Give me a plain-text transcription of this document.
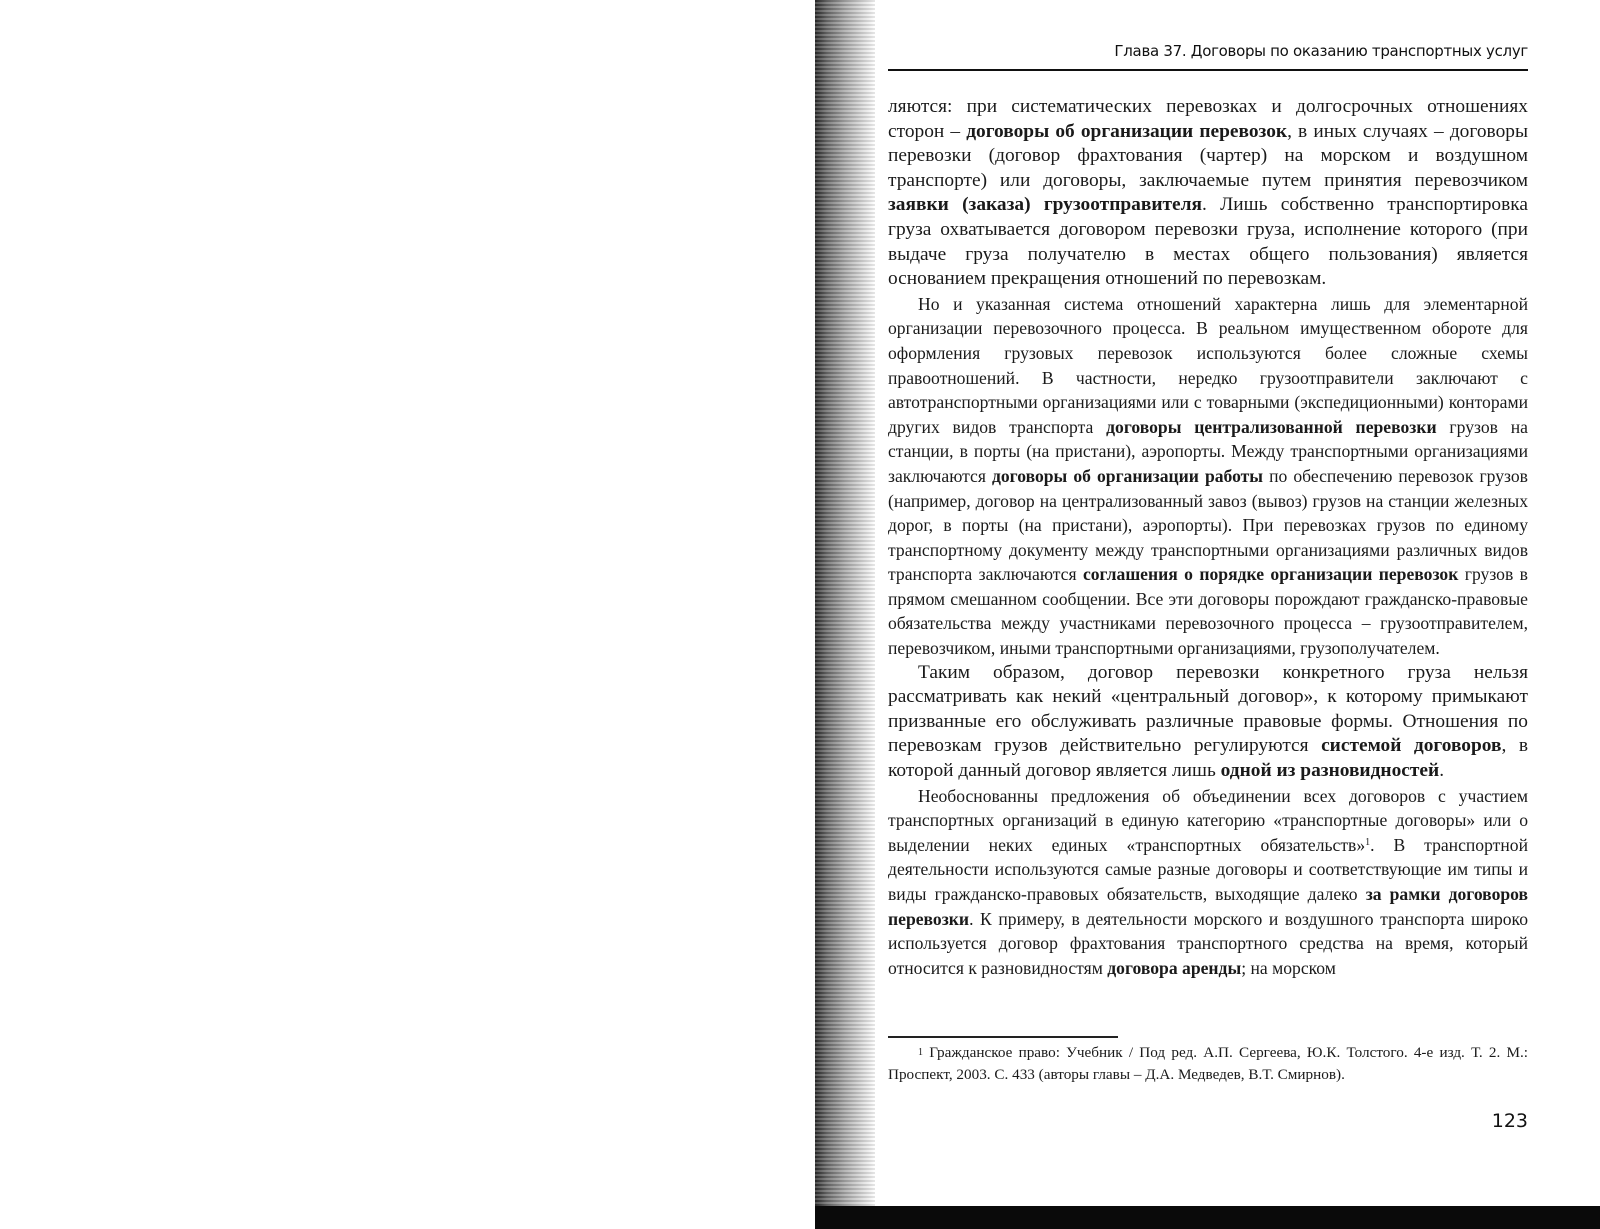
Глава 37. Договоры по оказанию транспортных услуг

ляются: при систематических перевозках и долгосрочных отношениях сторон – договоры об организации перевозок, в иных случаях – договоры перевозки (договор фрахтования (чартер) на морском и воздушном транспорте) или договоры, заключаемые путем принятия перевозчиком заявки (заказа) грузоотправителя. Лишь собственно транспортировка груза охватывается договором перевозки груза, исполнение которого (при выдаче груза получателю в местах общего пользования) является основанием прекращения отношений по перевозкам.

Но и указанная система отношений характерна лишь для элементарной организации перевозочного процесса. В реальном имущественном обороте для оформления грузовых перевозок используются более сложные схемы правоотношений. В частности, нередко грузоотправители заключают с автотранспортными организациями или с товарными (экспедиционными) конторами других видов транспорта договоры централизованной перевозки грузов на станции, в порты (на пристани), аэропорты. Между транспортными организациями заключаются договоры об организации работы по обеспечению перевозок грузов (например, договор на централизованный завоз (вывоз) грузов на станции железных дорог, в порты (на пристани), аэропорты). При перевозках грузов по единому транспортному документу между транспортными организациями различных видов транспорта заключаются соглашения о порядке организации перевозок грузов в прямом смешанном сообщении. Все эти договоры порождают гражданско-правовые обязательства между участниками перевозочного процесса – грузоотправителем, перевозчиком, иными транспортными организациями, грузополучателем.

Таким образом, договор перевозки конкретного груза нельзя рассматривать как некий «центральный договор», к которому примыкают призванные его обслуживать различные правовые формы. Отношения по перевозкам грузов действительно регулируются системой договоров, в которой данный договор является лишь одной из разновидностей.

Необоснованны предложения об объединении всех договоров с участием транспортных организаций в единую категорию «транспортные договоры» или о выделении неких единых «транспортных обязательств»$^1$. В транспортной деятельности используются самые разные договоры и соответствующие им типы и виды гражданско-правовых обязательств, выходящие далеко за рамки договоров перевозки. К примеру, в деятельности морского и воздушного транспорта широко используется договор фрахтования транспортного средства на время, который относится к разновидностям договора аренды; на морском

$^1$ Гражданское право: Учебник / Под ред. А.П. Сергеева, Ю.К. Толстого. 4-е изд. Т. 2. М.: Проспект, 2003. С. 433 (авторы главы – Д.А. Медведев, В.Т. Смирнов).
123
